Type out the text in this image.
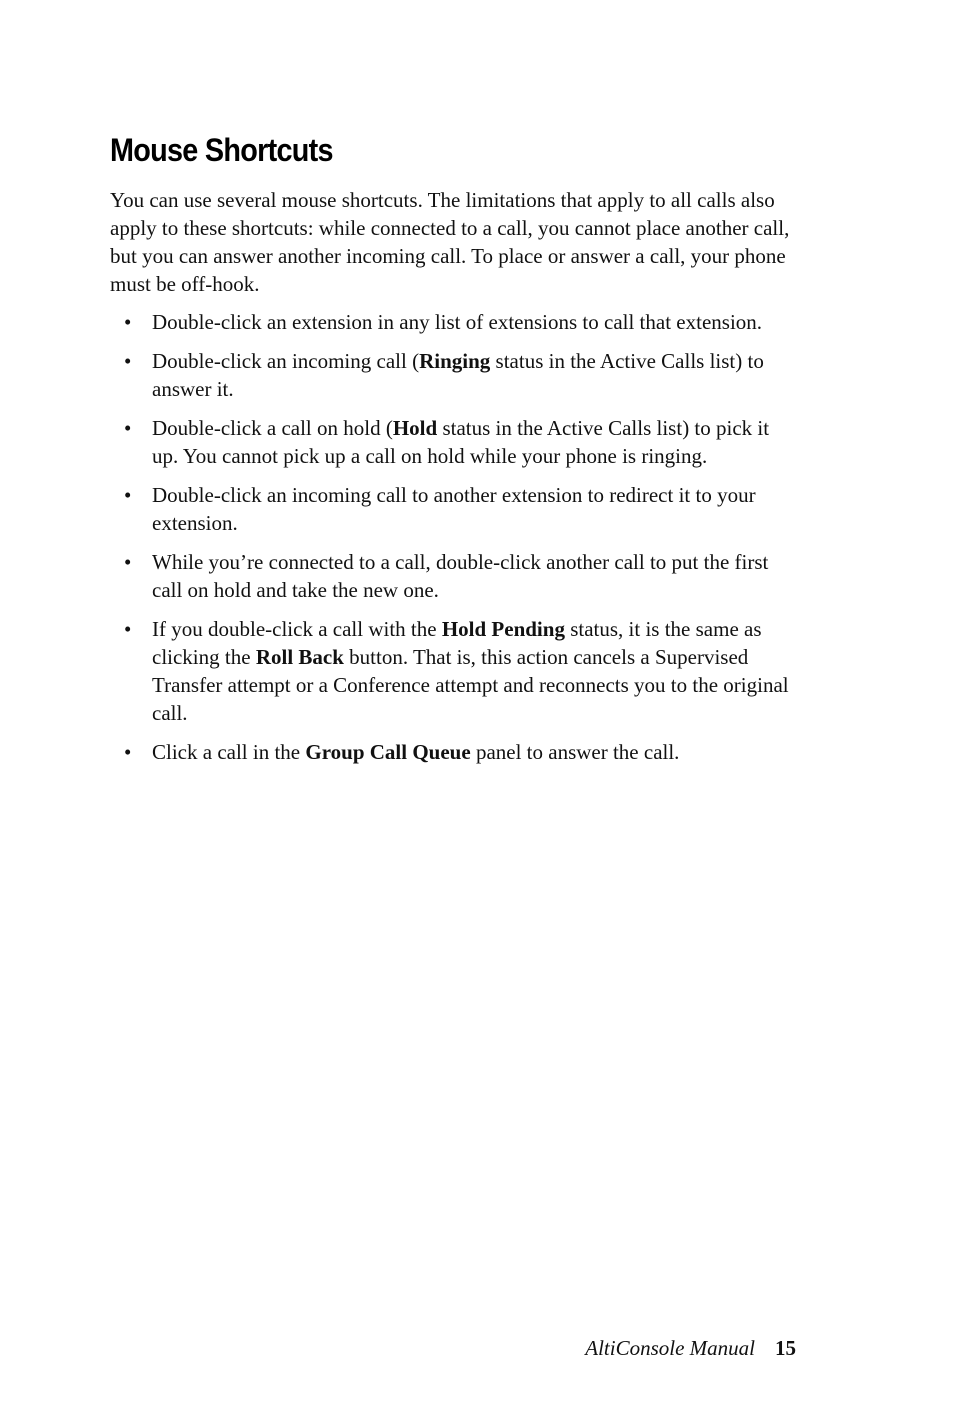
Mouse Shortcuts

You can use several mouse shortcuts. The limitations that apply to all calls also apply to these shortcuts: while connected to a call, you cannot place another call, but you can answer another incoming call. To place or answer a call, your phone must be off-hook.

• Double-click an extension in any list of extensions to call that extension.
• Double-click an incoming call (Ringing status in the Active Calls list) to answer it.
• Double-click a call on hold (Hold status in the Active Calls list) to pick it up. You cannot pick up a call on hold while your phone is ringing.
• Double-click an incoming call to another extension to redirect it to your extension.
• While you’re connected to a call, double-click another call to put the first call on hold and take the new one.
• If you double-click a call with the Hold Pending status, it is the same as clicking the Roll Back button. That is, this action cancels a Supervised Transfer attempt or a Conference attempt and reconnects you to the original call.
• Click a call in the Group Call Queue panel to answer the call.
AltiConsole Manual 15
